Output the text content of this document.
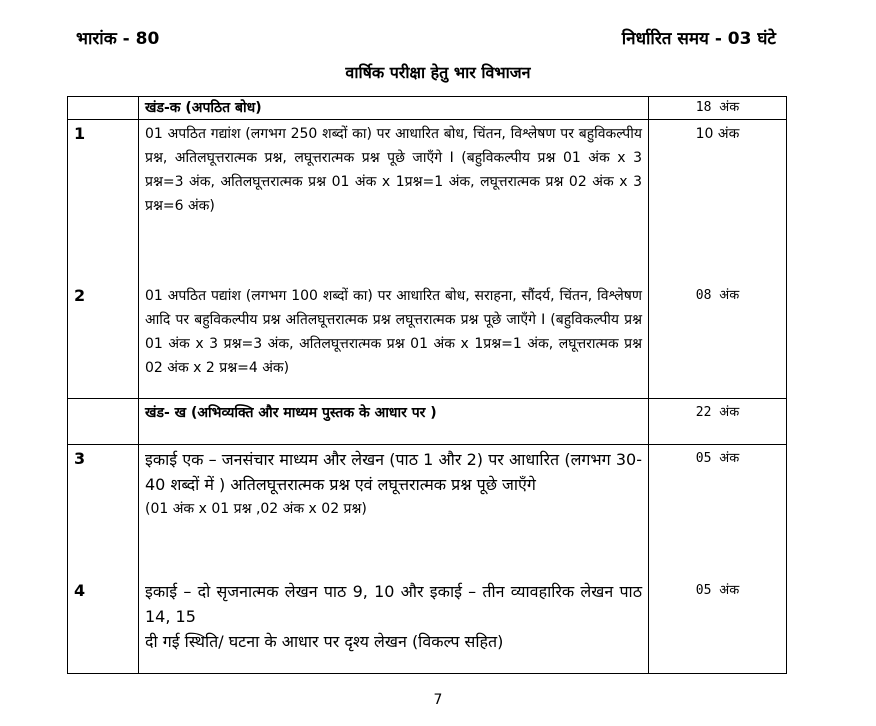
भारांक - 80	निर्धारित समय - 03 घंटे
वार्षिक परीक्षा हेतु भार विभाजन
	खंड-क (अपठित बोध)	18 अंक
1	01 अपठित गद्यांश (लगभग 250 शब्दों का) पर आधारित बोध, चिंतन, विश्लेषण पर बहुविकल्पीय प्रश्न, अतिलघूत्तरात्मक प्रश्न, लघूत्तरात्मक प्रश्न पूछे जाएँगे I (बहुविकल्पीय प्रश्न 01 अंक x 3 प्रश्न=3 अंक, अतिलघूत्तरात्मक प्रश्न 01 अंक x 1प्रश्न=1 अंक, लघूत्तरात्मक प्रश्न 02 अंक x 3 प्रश्न=6 अंक)	10 अंक
2	01 अपठित पद्यांश (लगभग 100 शब्दों का) पर आधारित बोध, सराहना, सौंदर्य, चिंतन, विश्लेषण आदि पर बहुविकल्पीय प्रश्न अतिलघूत्तरात्मक प्रश्न लघूत्तरात्मक प्रश्न पूछे जाएँगे I (बहुविकल्पीय प्रश्न 01 अंक x 3 प्रश्न=3 अंक, अतिलघूत्तरात्मक प्रश्न 01 अंक x 1प्रश्न=1 अंक, लघूत्तरात्मक प्रश्न 02 अंक x 2 प्रश्न=4 अंक)	08 अंक
	खंड- ख (अभिव्यक्ति और माध्यम पुस्तक के आधार पर )	22 अंक
3	इकाई एक – जनसंचार माध्यम और लेखन (पाठ 1 और 2) पर आधारित (लगभग 30-40 शब्दों में ) अतिलघूत्तरात्मक प्रश्न एवं लघूत्तरात्मक प्रश्न पूछे जाएँगे
(01 अंक x 01 प्रश्न ,02 अंक x 02 प्रश्न)	05 अंक
4	इकाई – दो सृजनात्मक लेखन पाठ 9, 10 और इकाई – तीन व्यावहारिक लेखन पाठ 14, 15
दी गई स्थिति/ घटना के आधार पर दृश्य लेखन (विकल्प सहित)	05 अंक
7
